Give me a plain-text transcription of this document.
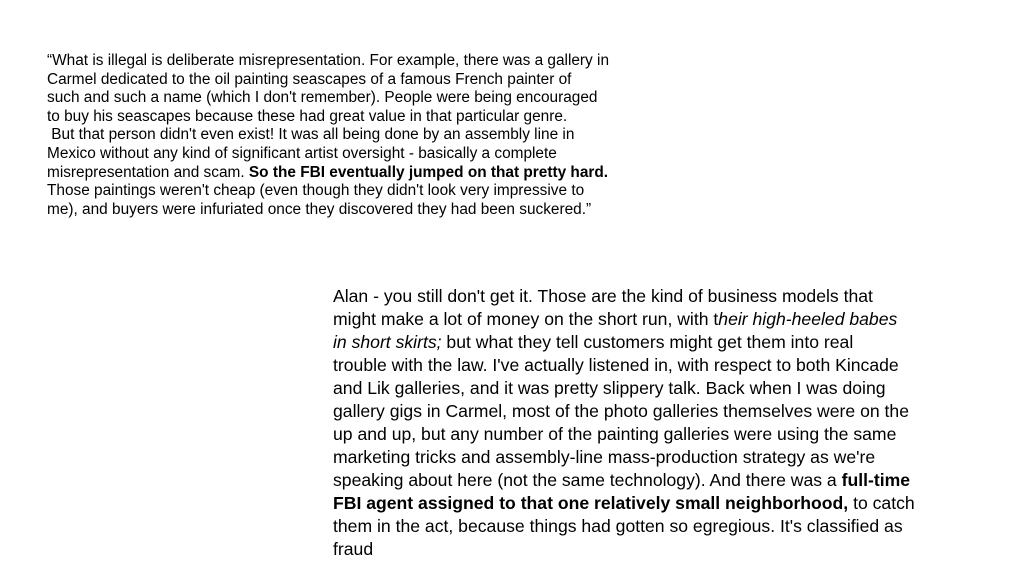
“What is illegal is deliberate misrepresentation. For example, there was a gallery in
Carmel dedicated to the oil painting seascapes of a famous French painter of
such and such a name (which I don't remember). People were being encouraged
to buy his seascapes because these had great value in that particular genre.
But that person didn't even exist! It was all being done by an assembly line in
Mexico without any kind of significant artist oversight - basically a complete
misrepresentation and scam. So the FBI eventually jumped on that pretty hard.
Those paintings weren't cheap (even though they didn't look very impressive to
me), and buyers were infuriated once they discovered they had been suckered.”
Alan - you still don't get it. Those are the kind of business models that
might make a lot of money on the short run, with their high-heeled babes
in short skirts; but what they tell customers might get them into real
trouble with the law. I've actually listened in, with respect to both Kincade
and Lik galleries, and it was pretty slippery talk. Back when I was doing
gallery gigs in Carmel, most of the photo galleries themselves were on the
up and up, but any number of the painting galleries were using the same
marketing tricks and assembly-line mass-production strategy as we're
speaking about here (not the same technology). And there was a full-time
FBI agent assigned to that one relatively small neighborhood, to catch
them in the act, because things had gotten so egregious. It's classified as
fraud
